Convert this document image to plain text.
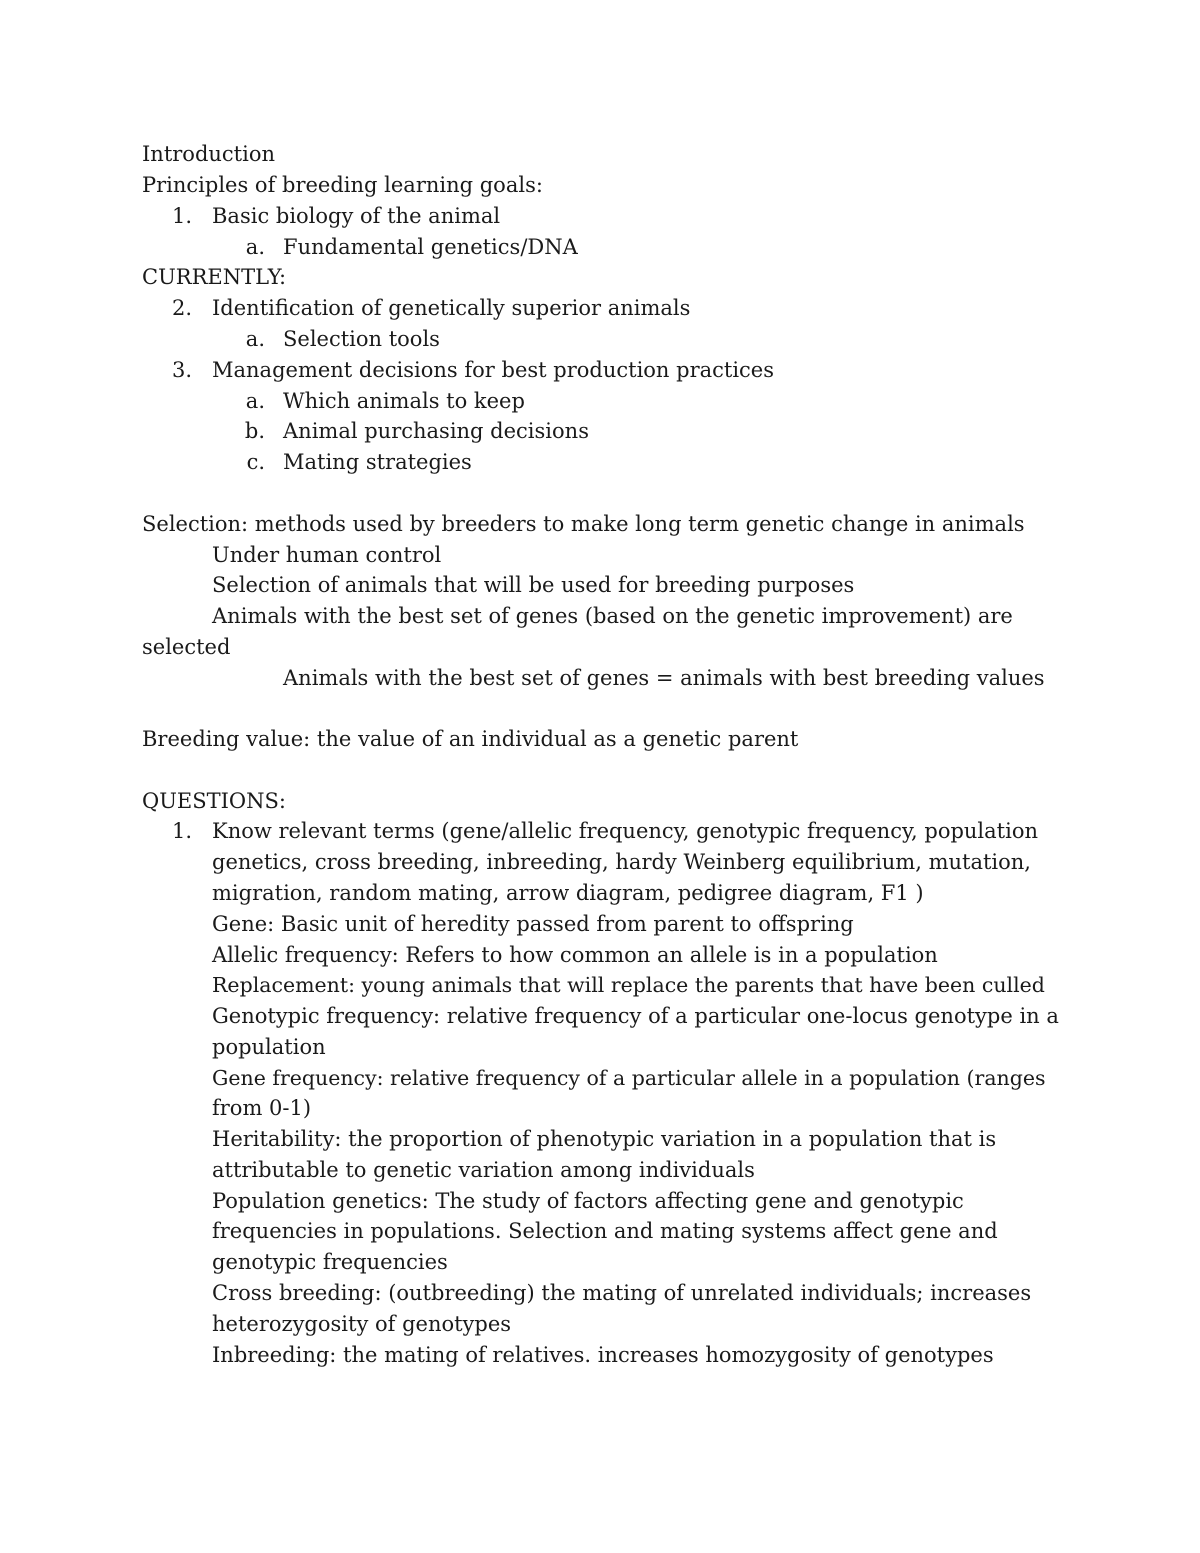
Introduction
Principles of breeding learning goals:
1. Basic biology of the animal
a. Fundamental genetics/DNA
CURRENTLY:
2. Identification of genetically superior animals
a. Selection tools
3. Management decisions for best production practices
a. Which animals to keep
b. Animal purchasing decisions
c. Mating strategies
Selection: methods used by breeders to make long term genetic change in animals
Under human control
Selection of animals that will be used for breeding purposes
Animals with the best set of genes (based on the genetic improvement) are
selected
Animals with the best set of genes = animals with best breeding values
Breeding value: the value of an individual as a genetic parent
QUESTIONS:
1. Know relevant terms (gene/allelic frequency, genotypic frequency, population
genetics, cross breeding, inbreeding, hardy Weinberg equilibrium, mutation,
migration, random mating, arrow diagram, pedigree diagram, F1 )
Gene: Basic unit of heredity passed from parent to offspring
Allelic frequency: Refers to how common an allele is in a population
Replacement: young animals that will replace the parents that have been culled
Genotypic frequency: relative frequency of a particular one-locus genotype in a
population
Gene frequency: relative frequency of a particular allele in a population (ranges
from 0-1)
Heritability: the proportion of phenotypic variation in a population that is
attributable to genetic variation among individuals
Population genetics: The study of factors affecting gene and genotypic
frequencies in populations. Selection and mating systems affect gene and
genotypic frequencies
Cross breeding: (outbreeding) the mating of unrelated individuals; increases
heterozygosity of genotypes
Inbreeding: the mating of relatives. increases homozygosity of genotypes
